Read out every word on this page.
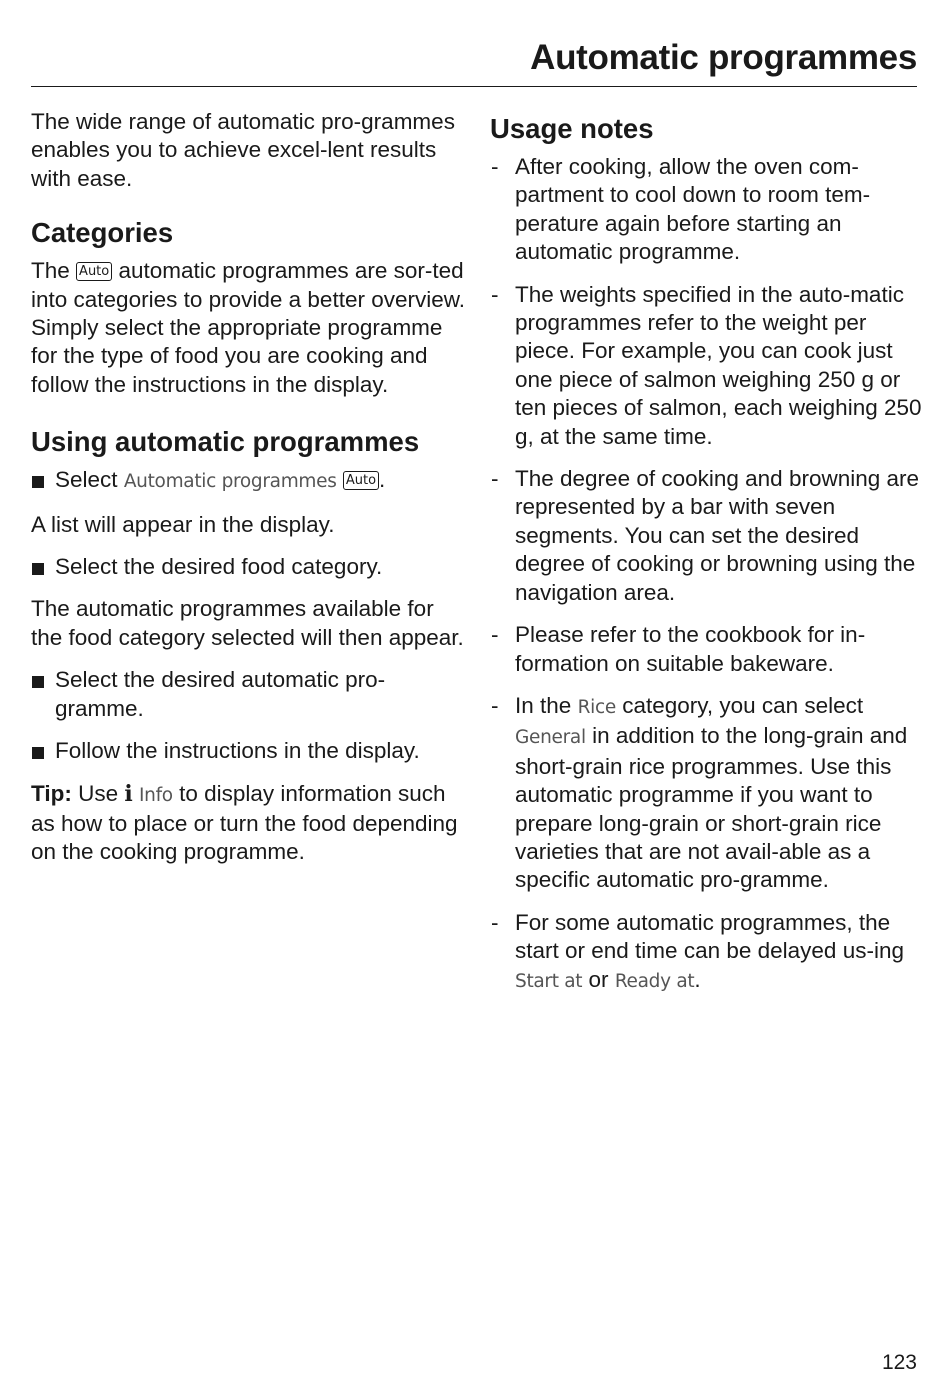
Automatic programmes

The wide range of automatic pro-grammes enables you to achieve excel-lent results with ease.

Categories

The Auto automatic programmes are sor-ted into categories to provide a better overview. Simply select the appropriate programme for the type of food you are cooking and follow the instructions in the display.

Using automatic programmes
Select Automatic programmes Auto .

A list will appear in the display.

Select the desired food category.

The automatic programmes available for the food category selected will then appear.

Select the desired automatic pro-gramme.
Follow the instructions in the display.

Tip: Use i Info to display information such as how to place or turn the food depending on the cooking programme.

Usage notes
- After cooking, allow the oven com-partment to cool down to room tem-perature again before starting an automatic programme.
- The weights specified in the auto-matic programmes refer to the weight per piece. For example, you can cook just one piece of salmon weighing 250 g or ten pieces of salmon, each weighing 250 g, at the same time.
- The degree of cooking and browning are represented by a bar with seven segments. You can set the desired degree of cooking or browning using the navigation area.
- Please refer to the cookbook for in-formation on suitable bakeware.
- In the Rice category, you can select General in addition to the long-grain and short-grain rice programmes. Use this automatic programme if you want to prepare long-grain or short-grain rice varieties that are not avail-able as a specific automatic pro-gramme.
- For some automatic programmes, the start or end time can be delayed us-ing Start at or Ready at.
123
